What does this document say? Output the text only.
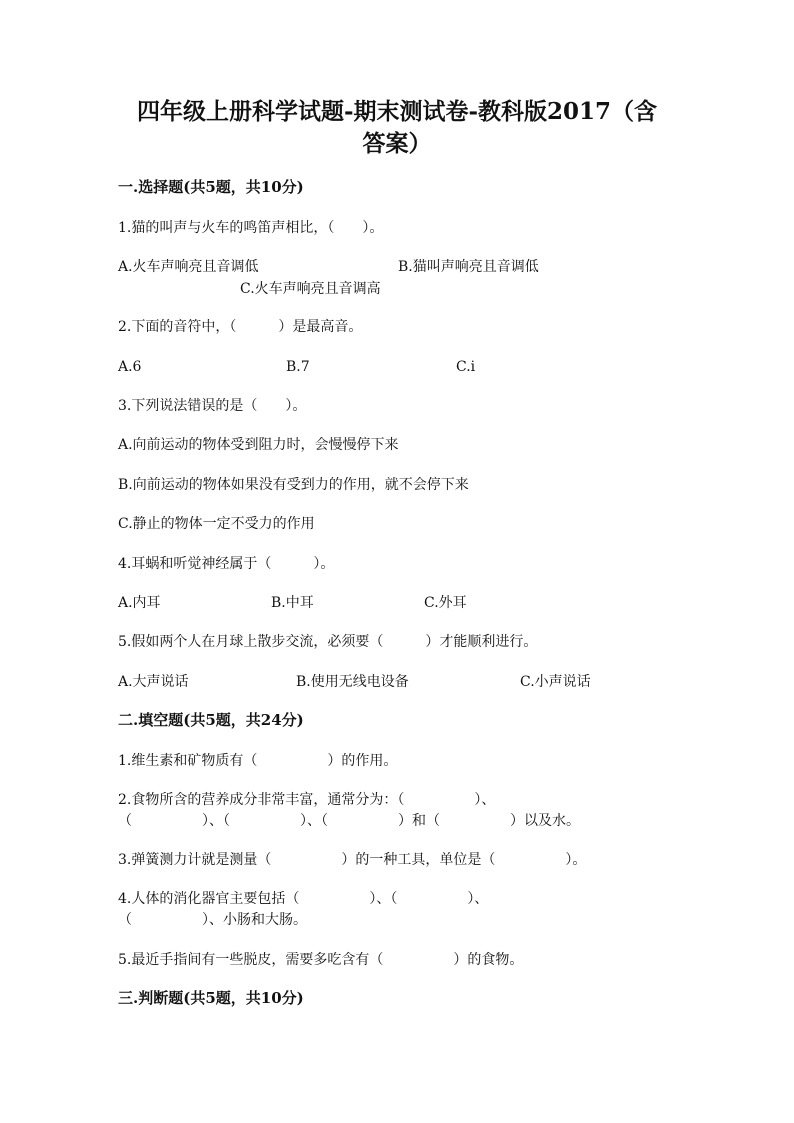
四年级上册科学试题-期末测试卷-教科版2017（含
答案）
一.选择题(共5题，共10分)
1.猫的叫声与火车的鸣笛声相比，（　　）。
A.火车声响亮且音调低	B.猫叫声响亮且音调低
C.火车声响亮且音调高
2.下面的音符中，（　　　）是最高音。
A.6	B.7	C.i
3.下列说法错误的是（　　）。
A.向前运动的物体受到阻力时，会慢慢停下来
B.向前运动的物体如果没有受到力的作用，就不会停下来
C.静止的物体一定不受力的作用
4.耳蜗和听觉神经属于（　　　）。
A.内耳	B.中耳	C.外耳
5.假如两个人在月球上散步交流，必须要（　　　）才能顺利进行。
A.大声说话	B.使用无线电设备	C.小声说话
二.填空题(共5题，共24分)
1.维生素和矿物质有（　　　　　）的作用。
2.食物所含的营养成分非常丰富，通常分为：（　　　　　）、
（　　　　　）、（　　　　　）、（　　　　　）和（　　　　　）以及水。
3.弹簧测力计就是测量（　　　　　）的一种工具，单位是（　　　　　）。
4.人体的消化器官主要包括（　　　　　）、（　　　　　）、
（　　　　　）、小肠和大肠。
5.最近手指间有一些脱皮，需要多吃含有（　　　　　）的食物。
三.判断题(共5题，共10分)
